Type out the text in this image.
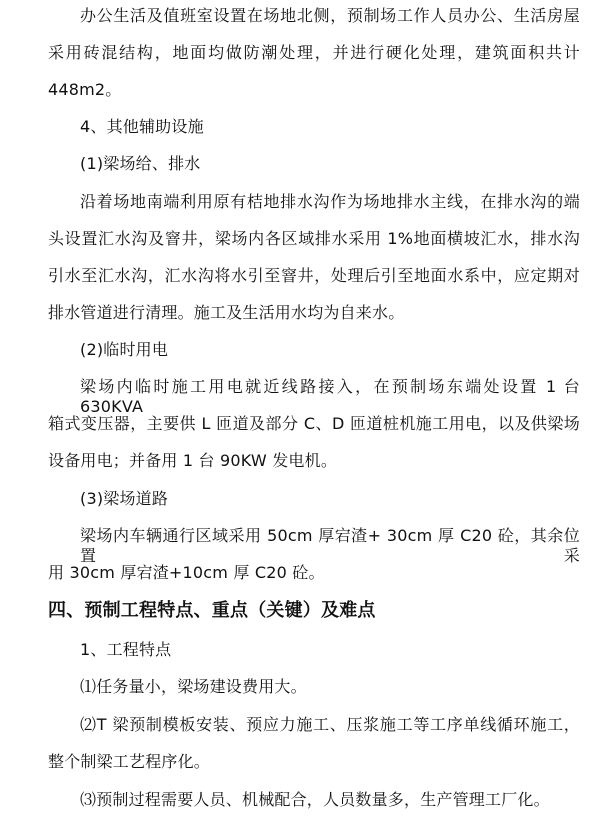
办公生活及值班室设置在场地北侧，预制场工作人员办公、生活房屋
采用砖混结构，地面均做防潮处理，并进行硬化处理，建筑面积共计
448m2。
4、其他辅助设施
(1)梁场给、排水
沿着场地南端利用原有桔地排水沟作为场地排水主线，在排水沟的端
头设置汇水沟及窨井，梁场内各区域排水采用 1%地面横坡汇水，排水沟
引水至汇水沟，汇水沟将水引至窨井，处理后引至地面水系中，应定期对
排水管道进行清理。施工及生活用水均为自来水。
(2)临时用电
梁场内临时施工用电就近线路接入，在预制场东端处设置 1 台 630KVA
箱式变压器，主要供 L 匝道及部分 C、D 匝道桩机施工用电，以及供梁场
设备用电；并备用 1 台 90KW 发电机。
(3)梁场道路
梁场内车辆通行区域采用 50cm 厚宕渣+ 30cm 厚 C20 砼，其余位置采
用 30cm 厚宕渣+10cm 厚 C20 砼。
四、预制工程特点、重点（关键）及难点
1、工程特点
⑴任务量小，梁场建设费用大。
⑵T 梁预制模板安装、预应力施工、压浆施工等工序单线循环施工，
整个制梁工艺程序化。
⑶预制过程需要人员、机械配合，人员数量多，生产管理工厂化。
